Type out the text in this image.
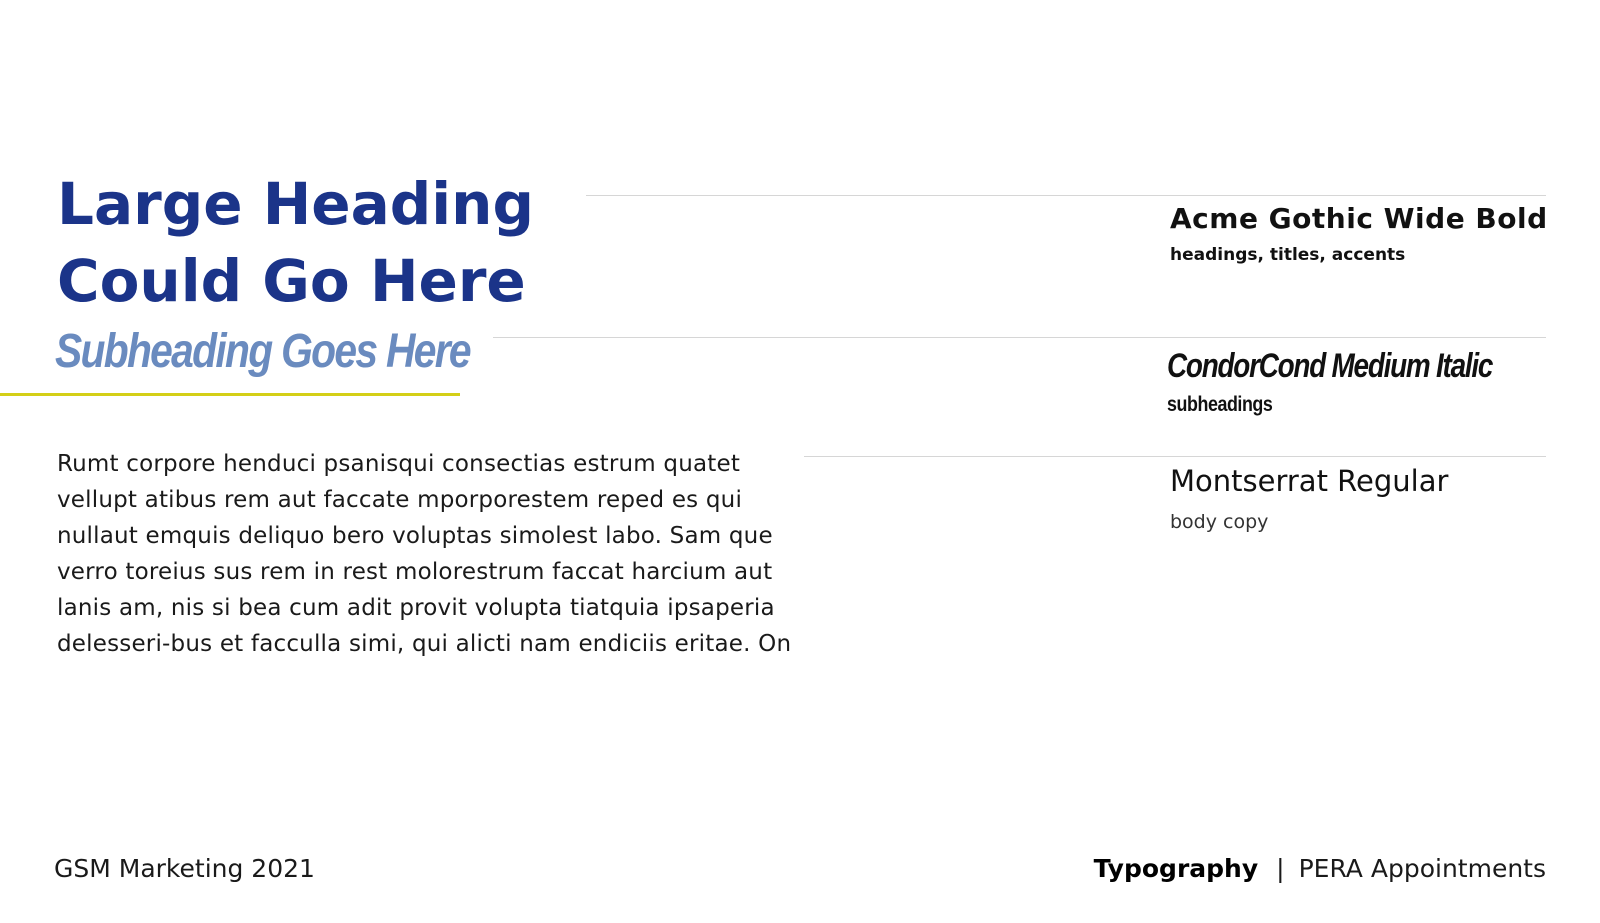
Large Heading
Could Go Here
Subheading Goes Here

Rumt corpore henduci psanisqui consectias estrum quatet vellupt atibus rem aut faccate mporporestem reped es qui nullaut emquis deliquo bero voluptas simolest labo. Sam que verro toreius sus rem in rest molorestrum faccat harcium aut lanis am, nis si bea cum adit provit volupta tiatquia ipsaperia delesseri-bus et facculla simi, qui alicti nam endiciis eritae. On

Acme Gothic Wide Bold
headings, titles, accents
CondorCond Medium Italic
subheadings
Montserrat Regular
body copy
GSM Marketing 2021	Typography | PERA Appointments
